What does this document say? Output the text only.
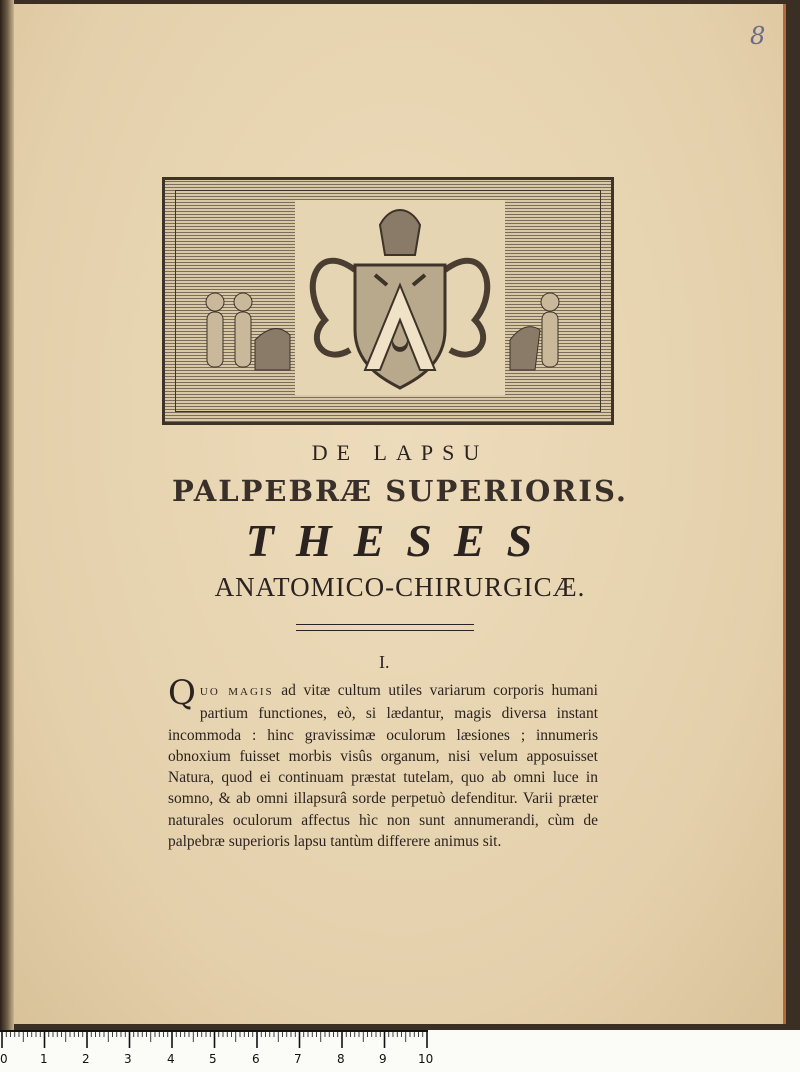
8
DE LAPSU
PALPEBRÆ SUPERIORIS.
THESES
ANATOMICO-CHIRURGICÆ.
I.
QUO MAGIS ad vitæ cultum utiles variarum corporis humani partium functiones, eò, si lædantur, magis diversa instant incommoda : hinc gravissimæ oculorum læsiones ; innumeris obnoxium fuisset morbis visûs organum, nisi velum apposuisset Natura, quod ei continuam præstat tutelam, quo ab omni luce in somno, & ab omni illapsurâ sorde perpetuò defenditur. Varii præter naturales oculorum affectus hìc non sunt annumerandi, cùm de palpebræ superioris lapsu tantùm differere animus sit.
0	1	2	3	4	5	6	7	8	9	10
